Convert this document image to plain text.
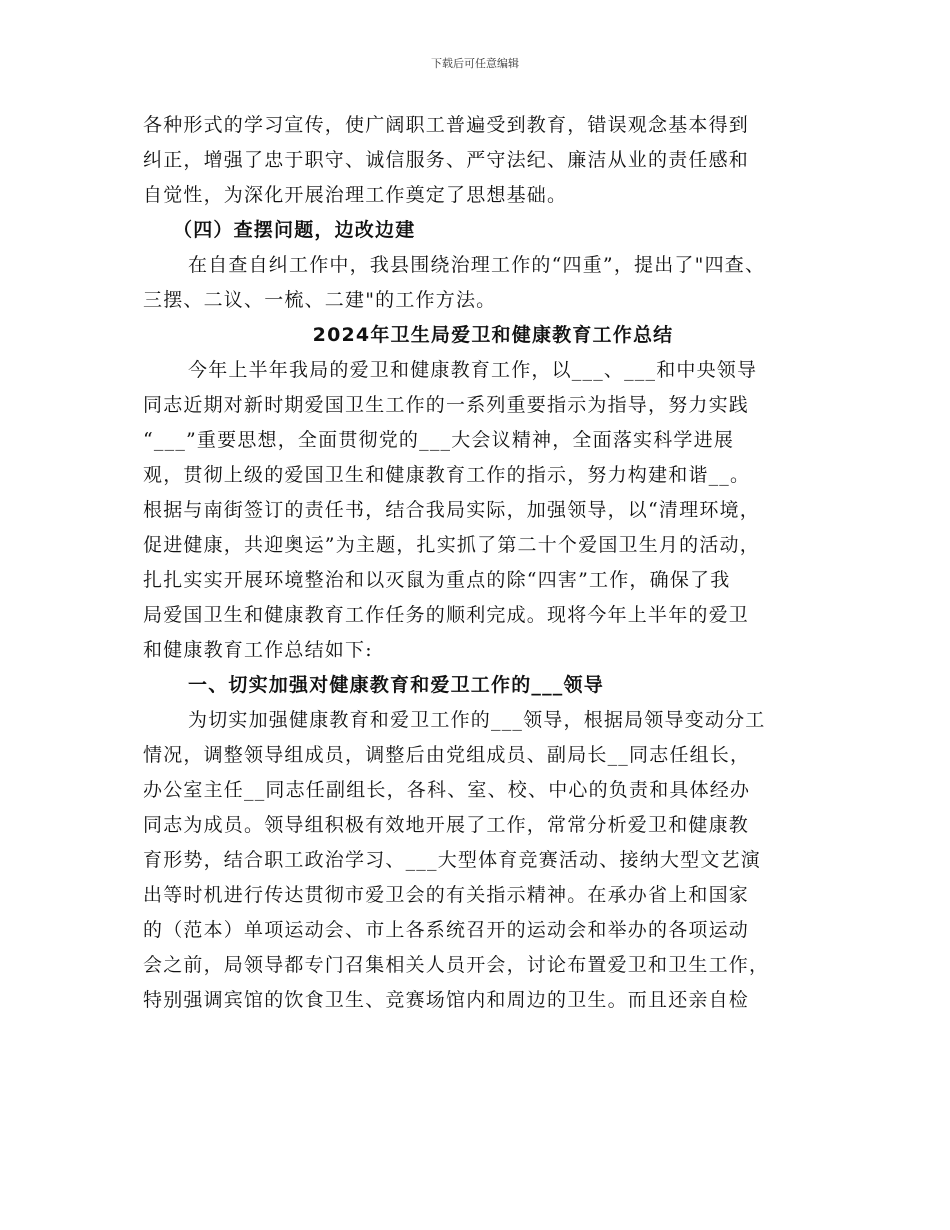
下载后可任意编辑
各种形式的学习宣传，使广阔职工普遍受到教育，错误观念基本得到
纠正，增强了忠于职守、诚信服务、严守法纪、廉洁从业的责任感和
自觉性，为深化开展治理工作奠定了思想基础。
（四）查摆问题，边改边建
在自查自纠工作中，我县围绕治理工作的“四重”，提出了"四查、
三摆、二议、一梳、二建"的工作方法。
2024年卫生局爱卫和健康教育工作总结
今年上半年我局的爱卫和健康教育工作，以___、___和中央领导
同志近期对新时期爱国卫生工作的一系列重要指示为指导，努力实践
“___”重要思想，全面贯彻党的___大会议精神，全面落实科学进展
观，贯彻上级的爱国卫生和健康教育工作的指示，努力构建和谐__。
根据与南街签订的责任书，结合我局实际，加强领导，以“清理环境，
促进健康，共迎奥运”为主题，扎实抓了第二十个爱国卫生月的活动，
扎扎实实开展环境整治和以灭鼠为重点的除“四害”工作，确保了我
局爱国卫生和健康教育工作任务的顺利完成。现将今年上半年的爱卫
和健康教育工作总结如下:
一、切实加强对健康教育和爱卫工作的___领导
为切实加强健康教育和爱卫工作的___领导，根据局领导变动分工
情况，调整领导组成员，调整后由党组成员、副局长__同志任组长，
办公室主任__同志任副组长，各科、室、校、中心的负责和具体经办
同志为成员。领导组积极有效地开展了工作，常常分析爱卫和健康教
育形势，结合职工政治学习、___大型体育竞赛活动、接纳大型文艺演
出等时机进行传达贯彻市爱卫会的有关指示精神。在承办省上和国家
的（范本）单项运动会、市上各系统召开的运动会和举办的各项运动
会之前，局领导都专门召集相关人员开会，讨论布置爱卫和卫生工作，
特别强调宾馆的饮食卫生、竞赛场馆内和周边的卫生。而且还亲自检
